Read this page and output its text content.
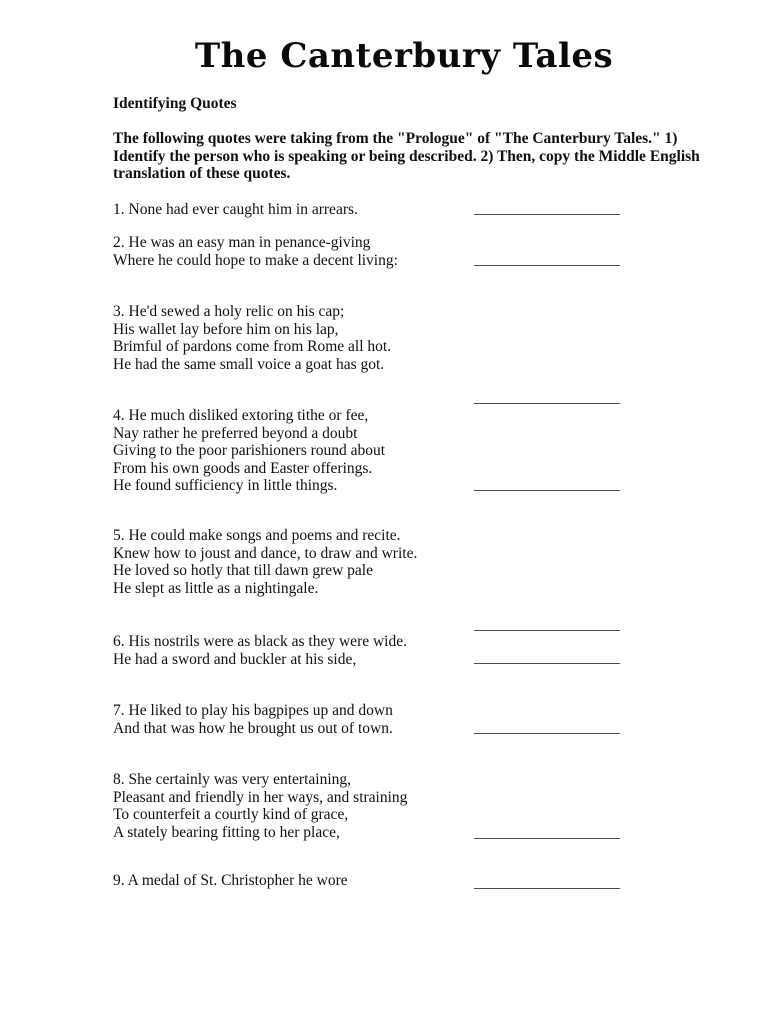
The Canterbury Tales
Identifying Quotes
The following quotes were taking from the "Prologue" of "The Canterbury Tales." 1)
Identify the person who is speaking or being described. 2) Then, copy the Middle English
translation of these quotes.
1. None had ever caught him in arrears.
2. He was an easy man in penance-giving
Where he could hope to make a decent living:
3. He'd sewed a holy relic on his cap;
His wallet lay before him on his lap,
Brimful of pardons come from Rome all hot.
He had the same small voice a goat has got.
4. He much disliked extoring tithe or fee,
Nay rather he preferred beyond a doubt
Giving to the poor parishioners round about
From his own goods and Easter offerings.
He found sufficiency in little things.
5. He could make songs and poems and recite.
Knew how to joust and dance, to draw and write.
He loved so hotly that till dawn grew pale
He slept as little as a nightingale.
6. His nostrils were as black as they were wide.
He had a sword and buckler at his side,
7. He liked to play his bagpipes up and down
And that was how he brought us out of town.
8. She certainly was very entertaining,
Pleasant and friendly in her ways, and straining
To counterfeit a courtly kind of grace,
A stately bearing fitting to her place,
9. A medal of St. Christopher he wore
